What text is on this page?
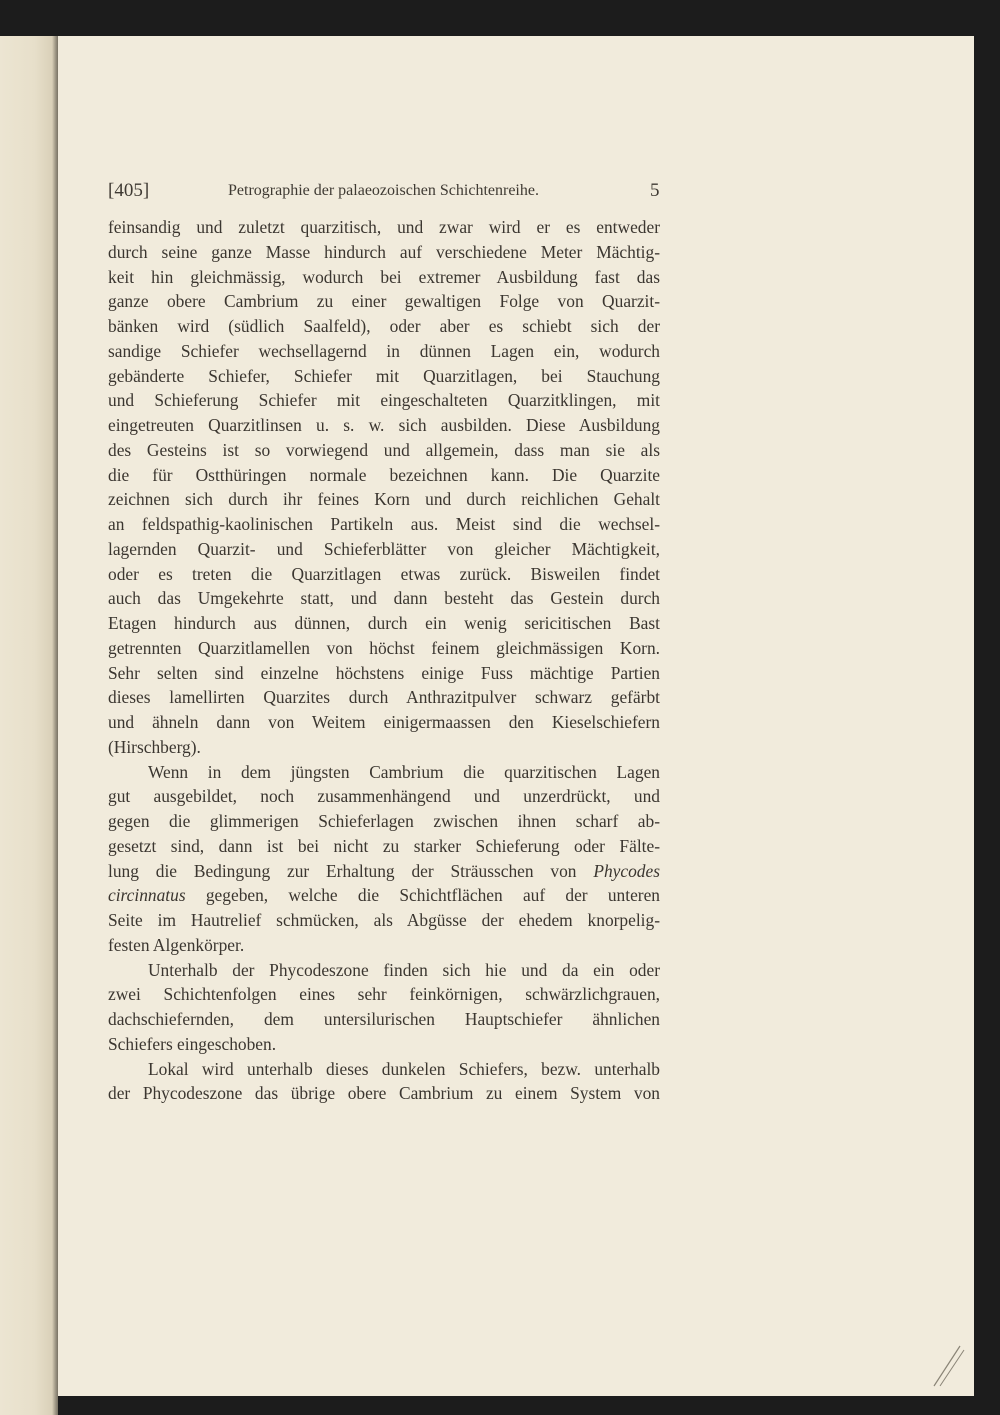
[405]	Petrographie der palaeozoischen Schichtenreihe.	5
feinsandig und zuletzt quarzitisch, und zwar wird er es entweder
durch seine ganze Masse hindurch auf verschiedene Meter Mächtig-
keit hin gleichmässig, wodurch bei extremer Ausbildung fast das
ganze obere Cambrium zu einer gewaltigen Folge von Quarzit-
bänken wird (südlich Saalfeld), oder aber es schiebt sich der
sandige Schiefer wechsellagernd in dünnen Lagen ein, wodurch
gebänderte Schiefer, Schiefer mit Quarzitlagen, bei Stauchung
und Schieferung Schiefer mit eingeschalteten Quarzitklingen, mit
eingetreuten Quarzitlinsen u. s. w. sich ausbilden. Diese Ausbildung
des Gesteins ist so vorwiegend und allgemein, dass man sie als
die für Ostthüringen normale bezeichnen kann. Die Quarzite
zeichnen sich durch ihr feines Korn und durch reichlichen Gehalt
an feldspathig-kaolinischen Partikeln aus. Meist sind die wechsel-
lagernden Quarzit- und Schieferblätter von gleicher Mächtigkeit,
oder es treten die Quarzitlagen etwas zurück. Bisweilen findet
auch das Umgekehrte statt, und dann besteht das Gestein durch
Etagen hindurch aus dünnen, durch ein wenig sericitischen Bast
getrennten Quarzitlamellen von höchst feinem gleichmässigen Korn.
Sehr selten sind einzelne höchstens einige Fuss mächtige Partien
dieses lamellirten Quarzites durch Anthrazitpulver schwarz gefärbt
und ähneln dann von Weitem einigermaassen den Kieselschiefern
(Hirschberg).
Wenn in dem jüngsten Cambrium die quarzitischen Lagen
gut ausgebildet, noch zusammenhängend und unzerdrückt, und
gegen die glimmerigen Schieferlagen zwischen ihnen scharf ab-
gesetzt sind, dann ist bei nicht zu starker Schieferung oder Fälte-
lung die Bedingung zur Erhaltung der Sträusschen von Phycodes
circinnatus gegeben, welche die Schichtflächen auf der unteren
Seite im Hautrelief schmücken, als Abgüsse der ehedem knorpelig-
festen Algenkörper.
Unterhalb der Phycodeszone finden sich hie und da ein oder
zwei Schichtenfolgen eines sehr feinkörnigen, schwärzlichgrauen,
dachschiefernden, dem untersilurischen Hauptschiefer ähnlichen
Schiefers eingeschoben.
Lokal wird unterhalb dieses dunkelen Schiefers, bezw. unterhalb
der Phycodeszone das übrige obere Cambrium zu einem System von
